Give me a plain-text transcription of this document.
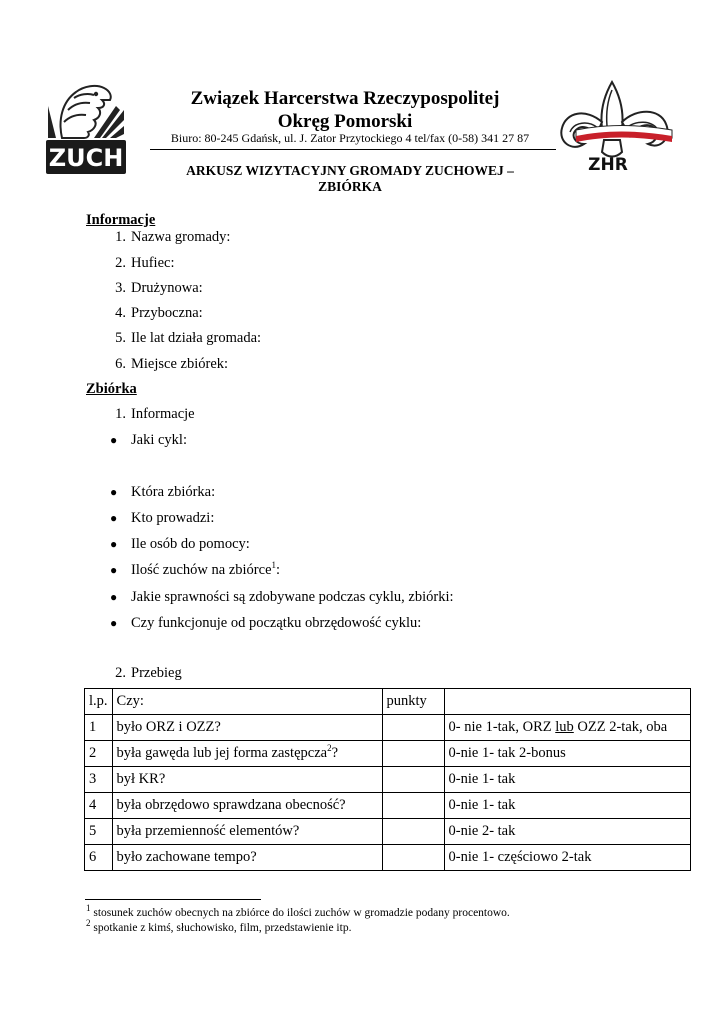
ZUCH	ZHR
Związek Harcerstwa Rzeczypospolitej
Okręg Pomorski
Biuro: 80-245 Gdańsk, ul. J. Zator Przytockiego 4 tel/fax (0-58) 341 27 87
ARKUSZ WIZYTACYJNY GROMADY ZUCHOWEJ –
ZBIÓRKA
Informacje
1. Nazwa gromady:
2. Hufiec:
3. Drużynowa:
4. Przyboczna:
5. Ile lat działa gromada:
6. Miejsce zbiórek:
Zbiórka
1. Informacje
● Jaki cykl:
● Która zbiórka:
● Kto prowadzi:
● Ile osób do pomocy:
● Ilość zuchów na zbiórce$^1$:
● Jakie sprawności są zdobywane podczas cyklu, zbiórki:
● Czy funkcjonuje od początku obrzędowość cyklu:
2. Przebieg
l.p.	Czy:	punkty	
1	było ORZ i OZZ?		0- nie 1-tak, ORZ lub OZZ 2-tak, oba
2	była gawęda lub jej forma zastępcza$^2$?		0-nie 1- tak 2-bonus
3	był KR?		0-nie 1- tak
4	była obrzędowo sprawdzana obecność?		0-nie 1- tak
5	była przemienność elementów?		0-nie 2- tak
6	było zachowane tempo?		0-nie 1- częściowo 2-tak
$^1$ stosunek zuchów obecnych na zbiórce do ilości zuchów w gromadzie podany procentowo.
$^2$ spotkanie z kimś, słuchowisko, film, przedstawienie itp.
